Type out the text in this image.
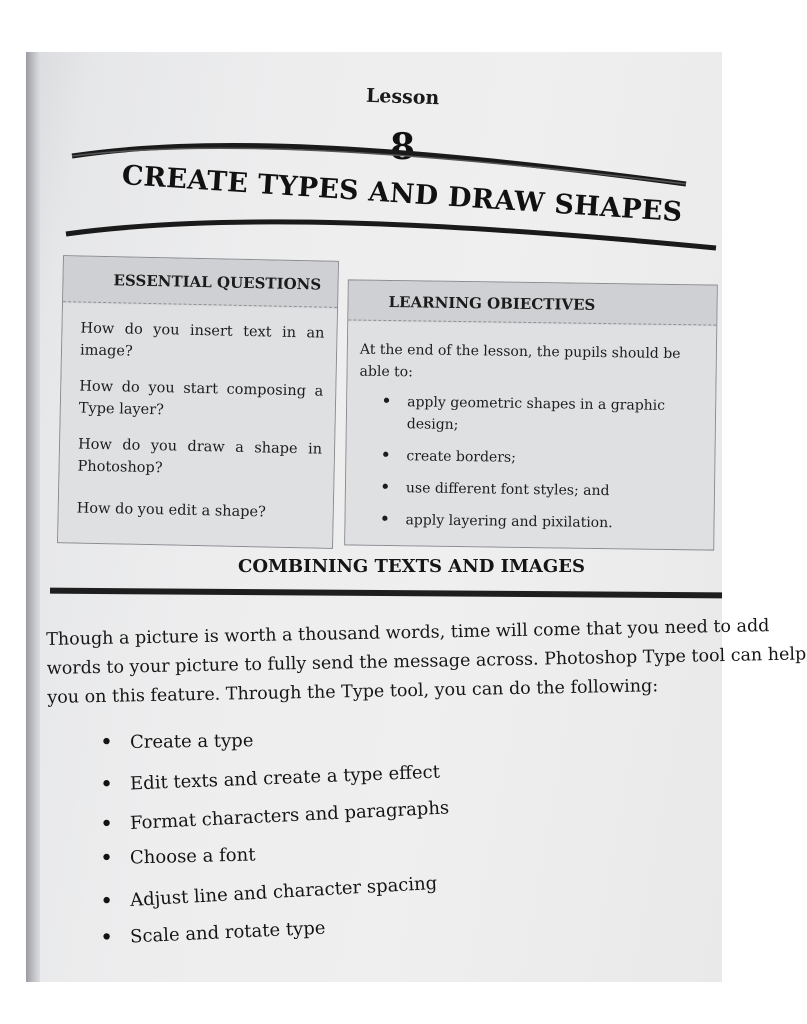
Lesson
8
CREATE TYPES AND DRAW SHAPES
ESSENTIAL QUESTIONS
How do you insert text in an image?
How do you start composing a Type layer?
How do you draw a shape in Photoshop?
How do you edit a shape?
LEARNING OBIECTIVES
At the end of the lesson, the pupils should be able to:
• apply geometric shapes in a graphic design;
• create borders;
• use different font styles; and
• apply layering and pixilation.
COMBINING TEXTS AND IMAGES
Though a picture is worth a thousand words, time will come that you need to add
words to your picture to fully send the message across. Photoshop Type tool can help
you on this feature. Through the Type tool, you can do the following:
• Create a type
• Edit texts and create a type effect
• Format characters and paragraphs
• Choose a font
• Adjust line and character spacing
• Scale and rotate type
